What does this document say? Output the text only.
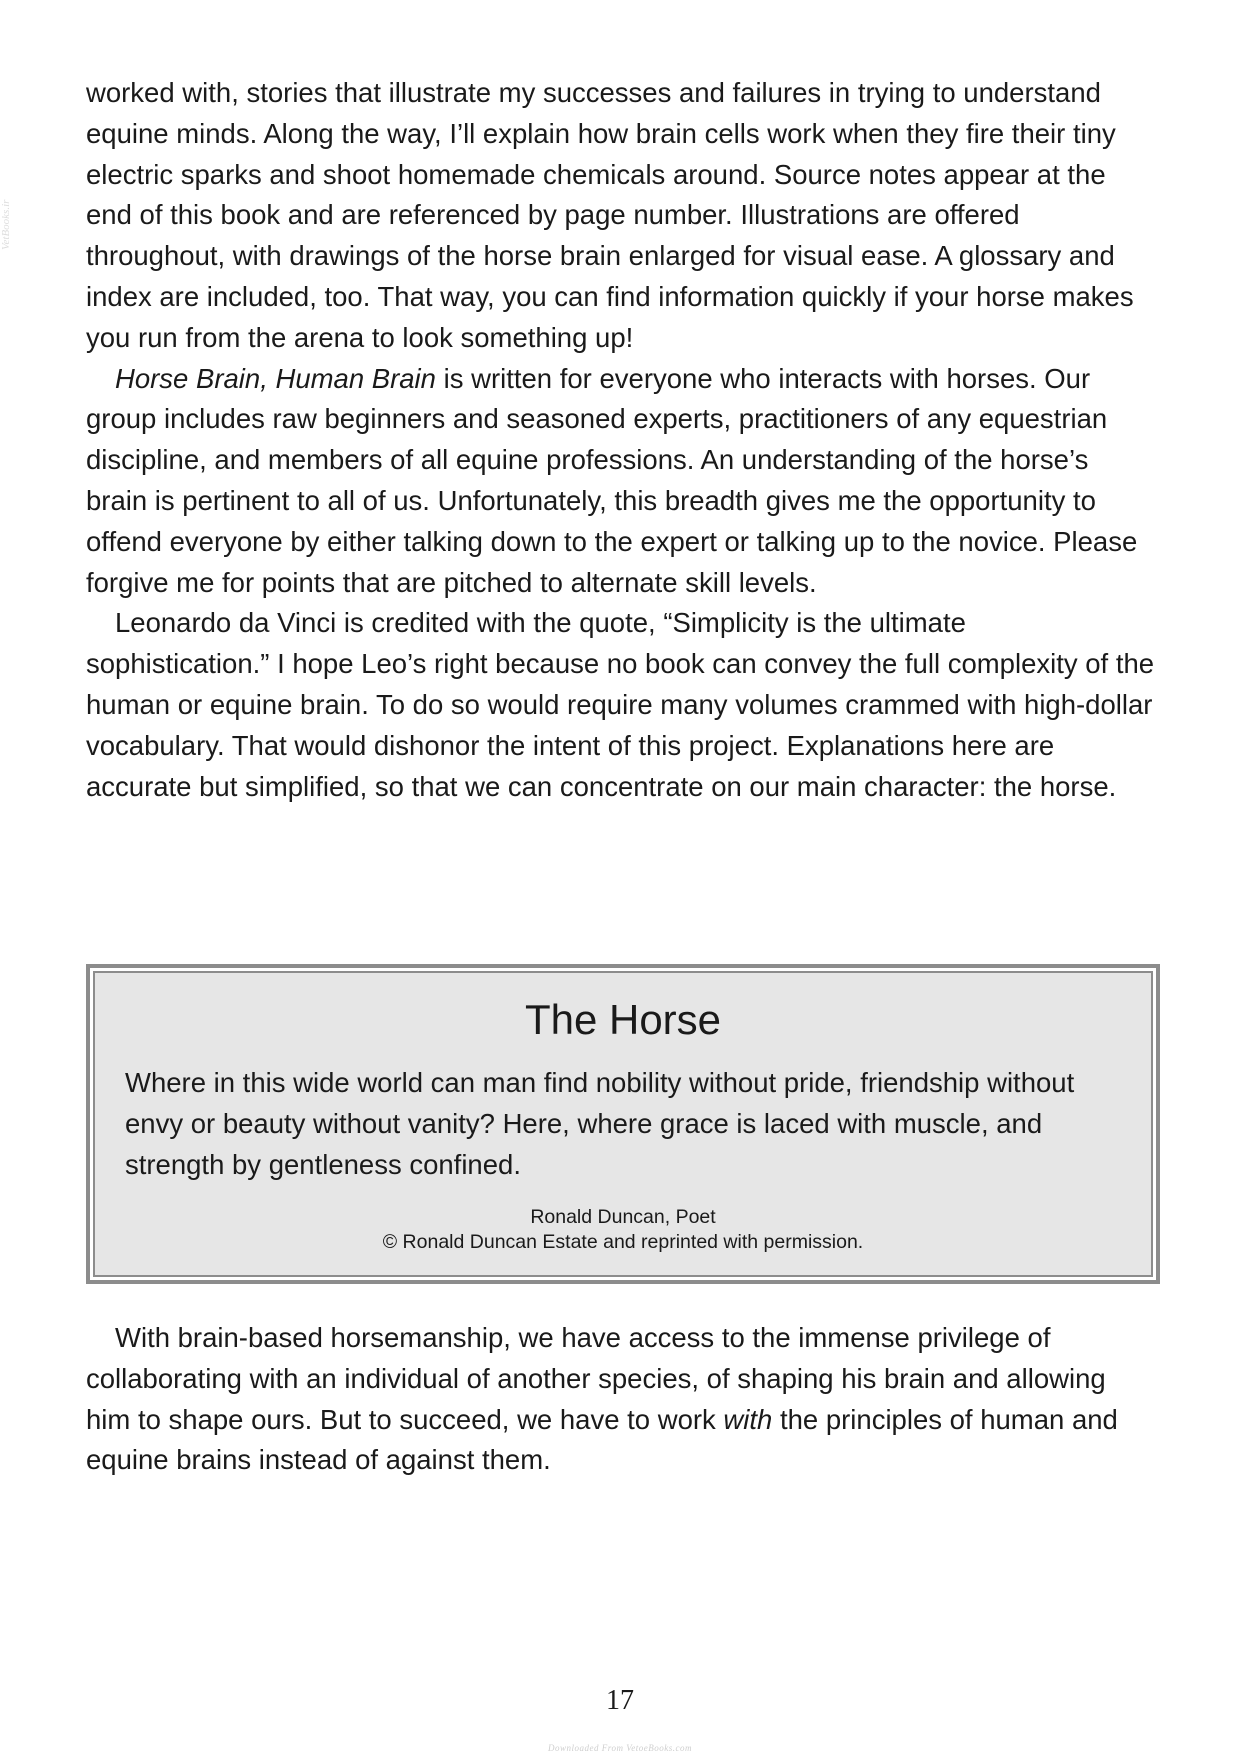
VetBooks.ir

worked with, stories that illustrate my successes and failures in trying to understand equine minds. Along the way, I’ll explain how brain cells work when they fire their tiny electric sparks and shoot homemade chemicals around. Source notes appear at the end of this book and are referenced by page number. Illustrations are offered throughout, with drawings of the horse brain enlarged for visual ease. A glossary and index are included, too. That way, you can find information quickly if your horse makes you run from the arena to look something up!

Horse Brain, Human Brain is written for everyone who interacts with horses. Our group includes raw beginners and seasoned experts, practitioners of any equestrian discipline, and members of all equine professions. An understanding of the horse’s brain is pertinent to all of us. Unfortunately, this breadth gives me the opportunity to offend everyone by either talking down to the expert or talking up to the novice. Please forgive me for points that are pitched to alternate skill levels.

Leonardo da Vinci is credited with the quote, “Simplicity is the ultimate sophistication.” I hope Leo’s right because no book can convey the full complexity of the human or equine brain. To do so would require many volumes crammed with high-dollar vocabulary. That would dishonor the intent of this project. Explanations here are accurate but simplified, so that we can concentrate on our main character: the horse.

The Horse

Where in this wide world can man find nobility without pride, friendship without envy or beauty without vanity? Here, where grace is laced with muscle, and strength by gentleness confined.

Ronald Duncan, Poet
© Ronald Duncan Estate and reprinted with permission.

With brain-based horsemanship, we have access to the immense privilege of collaborating with an individual of another species, of shaping his brain and allowing him to shape ours. But to succeed, we have to work with the principles of human and equine brains instead of against them.

17
Downloaded From VetoeBooks.com
